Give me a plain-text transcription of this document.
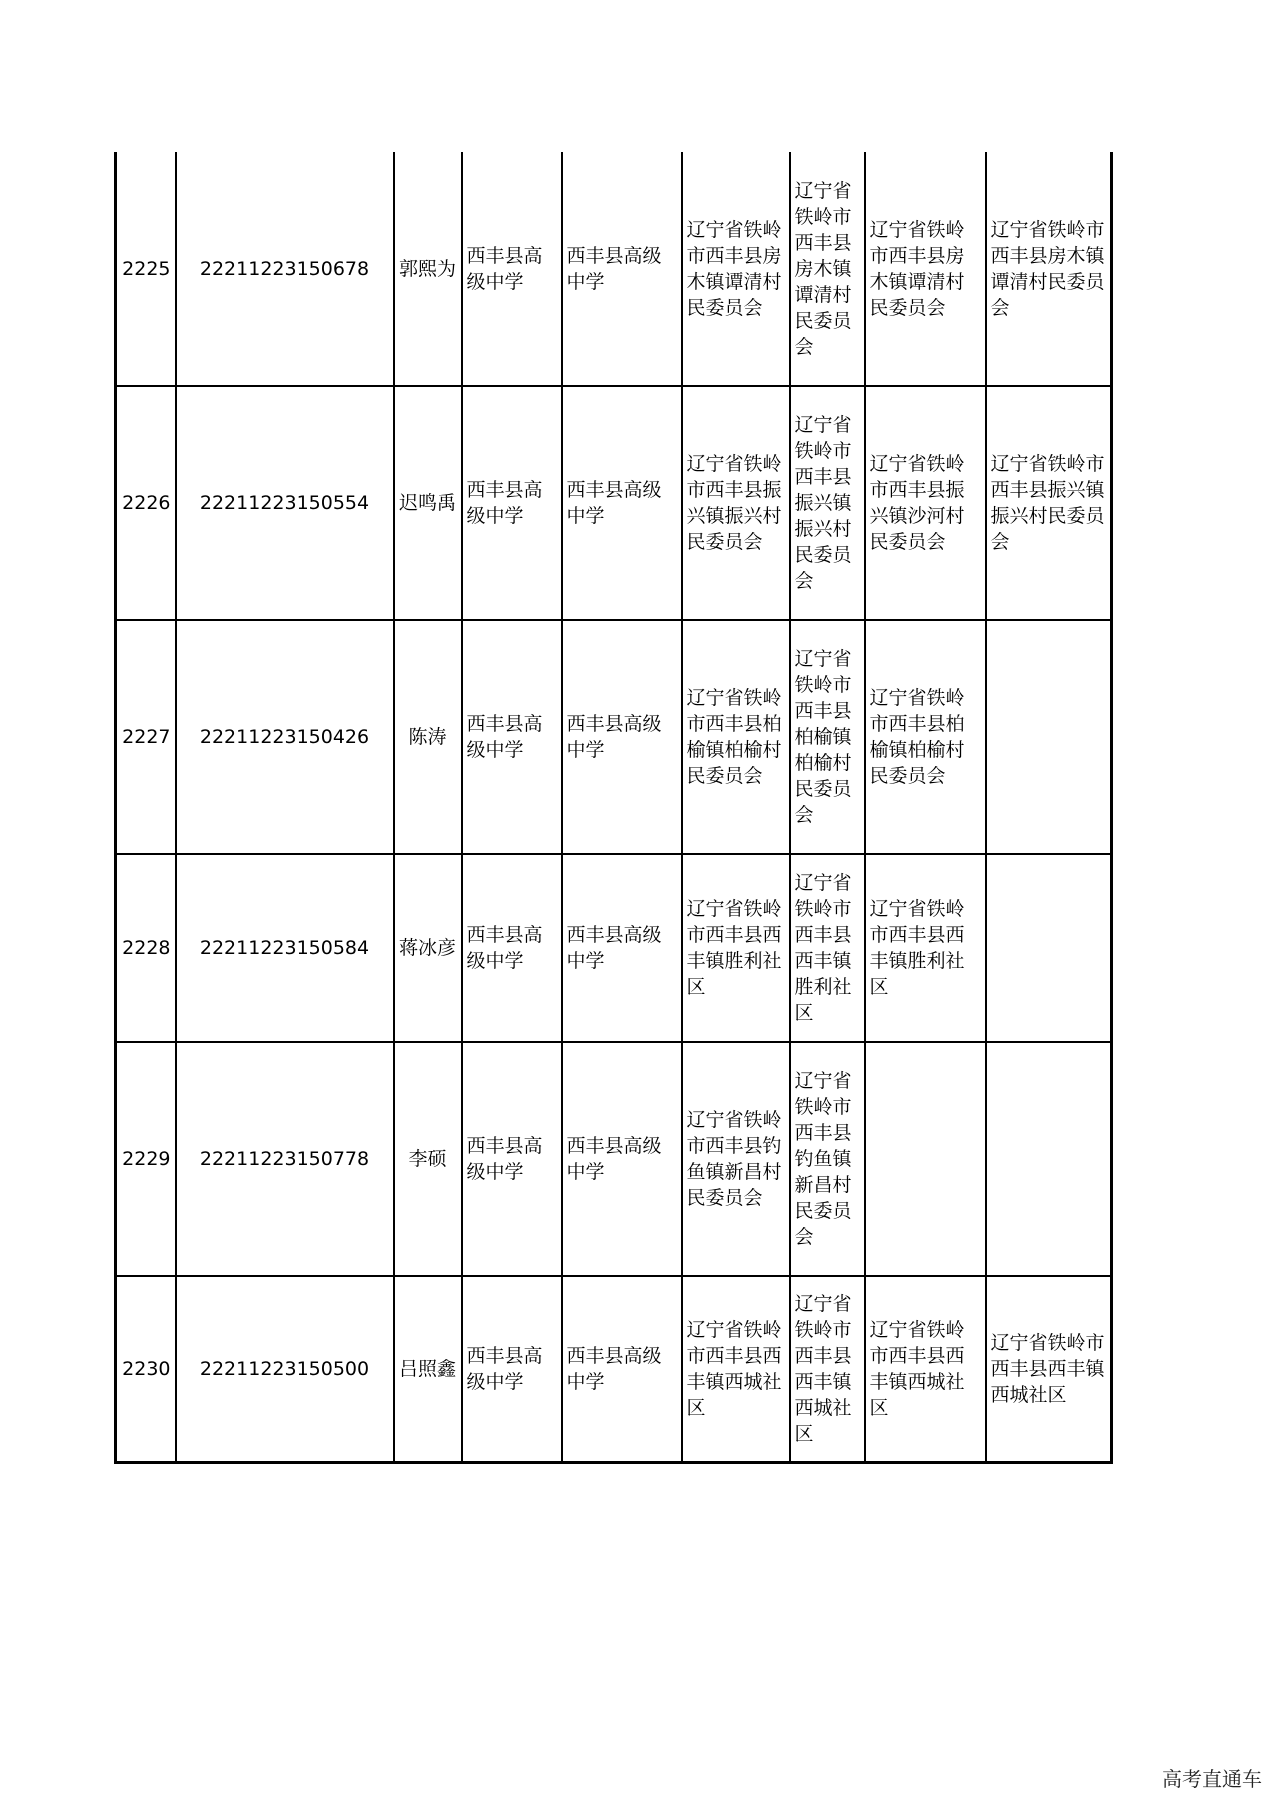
2225	22211223150678	郭熙为	西丰县高级中学	西丰县高级中学	辽宁省铁岭市西丰县房木镇谭清村民委员会	辽宁省铁岭市西丰县房木镇谭清村民委员会	辽宁省铁岭市西丰县房木镇谭清村民委员会	辽宁省铁岭市西丰县房木镇谭清村民委员会
2226	22211223150554	迟鸣禹	西丰县高级中学	西丰县高级中学	辽宁省铁岭市西丰县振兴镇振兴村民委员会	辽宁省铁岭市西丰县振兴镇振兴村民委员会	辽宁省铁岭市西丰县振兴镇沙河村民委员会	辽宁省铁岭市西丰县振兴镇振兴村民委员会
2227	22211223150426	陈涛	西丰县高级中学	西丰县高级中学	辽宁省铁岭市西丰县柏榆镇柏榆村民委员会	辽宁省铁岭市西丰县柏榆镇柏榆村民委员会	辽宁省铁岭市西丰县柏榆镇柏榆村民委员会	
2228	22211223150584	蒋冰彦	西丰县高级中学	西丰县高级中学	辽宁省铁岭市西丰县西丰镇胜利社区	辽宁省铁岭市西丰县西丰镇胜利社区	辽宁省铁岭市西丰县西丰镇胜利社区	
2229	22211223150778	李硕	西丰县高级中学	西丰县高级中学	辽宁省铁岭市西丰县钓鱼镇新昌村民委员会	辽宁省铁岭市西丰县钓鱼镇新昌村民委员会		
2230	22211223150500	吕照鑫	西丰县高级中学	西丰县高级中学	辽宁省铁岭市西丰县西丰镇西城社区	辽宁省铁岭市西丰县西丰镇西城社区	辽宁省铁岭市西丰县西丰镇西城社区	辽宁省铁岭市西丰县西丰镇西城社区
高考直通车
